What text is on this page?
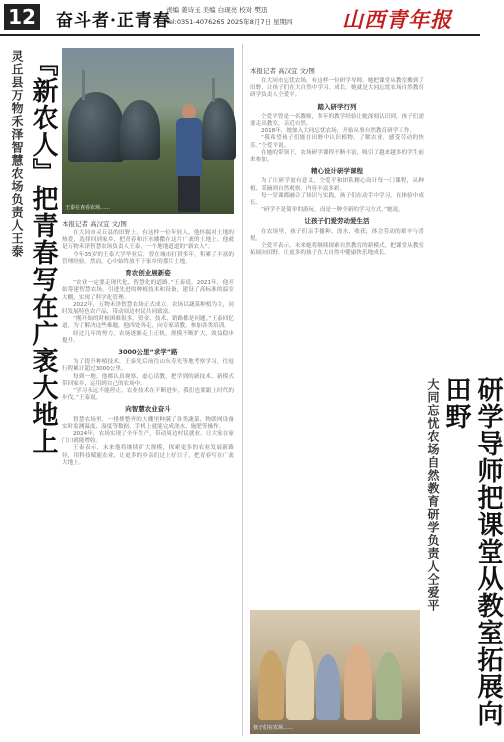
12 奋斗者·正青春
责编 姜诗玉 美编 白现亮 校对 樊迅
Tel:0351-4076265 2025年8月7日 星期四 山西青年报
灵丘县万物禾泽智慧农场负责人王泰 『新农人』把青春写在广袤大地上 王泰在查看农场……
本报记者 高汉宜 文/图

在大同市灵丘县的田野上，有这样一位年轻人，他怀揣对土地的热爱，选择回到家乡，把青春和汗水播撒在这片广袤的土地上。他就是万物禾泽智慧农场负责人王泰，一个地地道道的“新农人”。

今年35岁的王泰大学毕业后，曾在城市打拼多年，积累了丰富的管理经验。然而，心中始终放不下家乡的那片土地。

育农创业展新姿

“农业一定要走现代化、智慧化的道路。”王泰说。2021年，他开始筹建智慧农场，引进先进的种植技术和设备，建设了高标准的温室大棚，实现了科学化管理。

2022年，万物禾泽智慧农场正式成立。农场以蔬菜种植为主，同时发展特色农产品，带动周边村民共同致富。

“刚开始的时候困难很多，资金、技术、销路都是问题。”王泰回忆道，为了解决这些难题，他四处奔走，向专家请教，参加各类培训。

经过几年的努力，农场逐渐走上正轨，规模不断扩大，效益稳步提升。

3000公里“求学”路

为了提升种植技术，王泰先后前往山东寿光等地考察学习，往返行程累计超过3000公里。

每到一地，他都认真观察、虚心请教，把学到的新技术、新模式带回家乡，运用到自己的农场中。

“学习永远不能停止，农业技术在不断进步，我们也要跟上时代的步伐。”王泰说。

向智慧农业奋斗

智慧农场里，一排排整齐的大棚里种满了各类蔬菜，物联网设备实时监测温度、湿度等数据，手机上就能完成浇水、施肥等操作。

2024年，农场实现了全年生产，带动周边村民就业，让大家在家门口就能增收。

王泰表示，未来他将继续扩大规模，探索更多的农业发展新路径，用科技赋能农业，让更多的乡亲们过上好日子，把青春写在广袤大地上。

本报记者 高汉宜 文/图

在大同市忘忧农场，有这样一位研学导师，她把课堂从教室搬到了田野，让孩子们在大自然中学习、成长。她就是大同忘忧农场自然教育研学负责人仝爱平。

踏入研学行列

仝爱平曾是一名教师，多年的教学经验让她深刻认识到，孩子们需要走出教室，亲近自然。

2018年，她加入大同忘忧农场，开始从事自然教育研学工作。

“我希望孩子们能在田野中认识植物、了解农业，感受劳动的快乐。”仝爱平说。

在她的带领下，农场研学课程不断丰富，吸引了越来越多的学生前来参加。

精心设计研学课程

为了让研学更有意义，仝爱平和团队精心设计每一门课程，从种植、采摘到自然观察，内容丰富多彩。

每一堂课都融合了知识与实践，孩子们在动手中学习，在体验中成长。

“研学不是简单的游玩，而是一种全新的学习方式。”她说。

让孩子们爱劳动爱生活

在农场里，孩子们亲手播种、浇水、收获，体会劳动的艰辛与喜悦。

仝爱平表示，未来她将继续探索自然教育的新模式，把课堂从教室拓展向田野，让更多的孩子在大自然中健康快乐地成长。

大同忘忧农场自然教育研学负责人仝爱平	研学导师把课堂从教室拓展向田野
孩子们在农场……
